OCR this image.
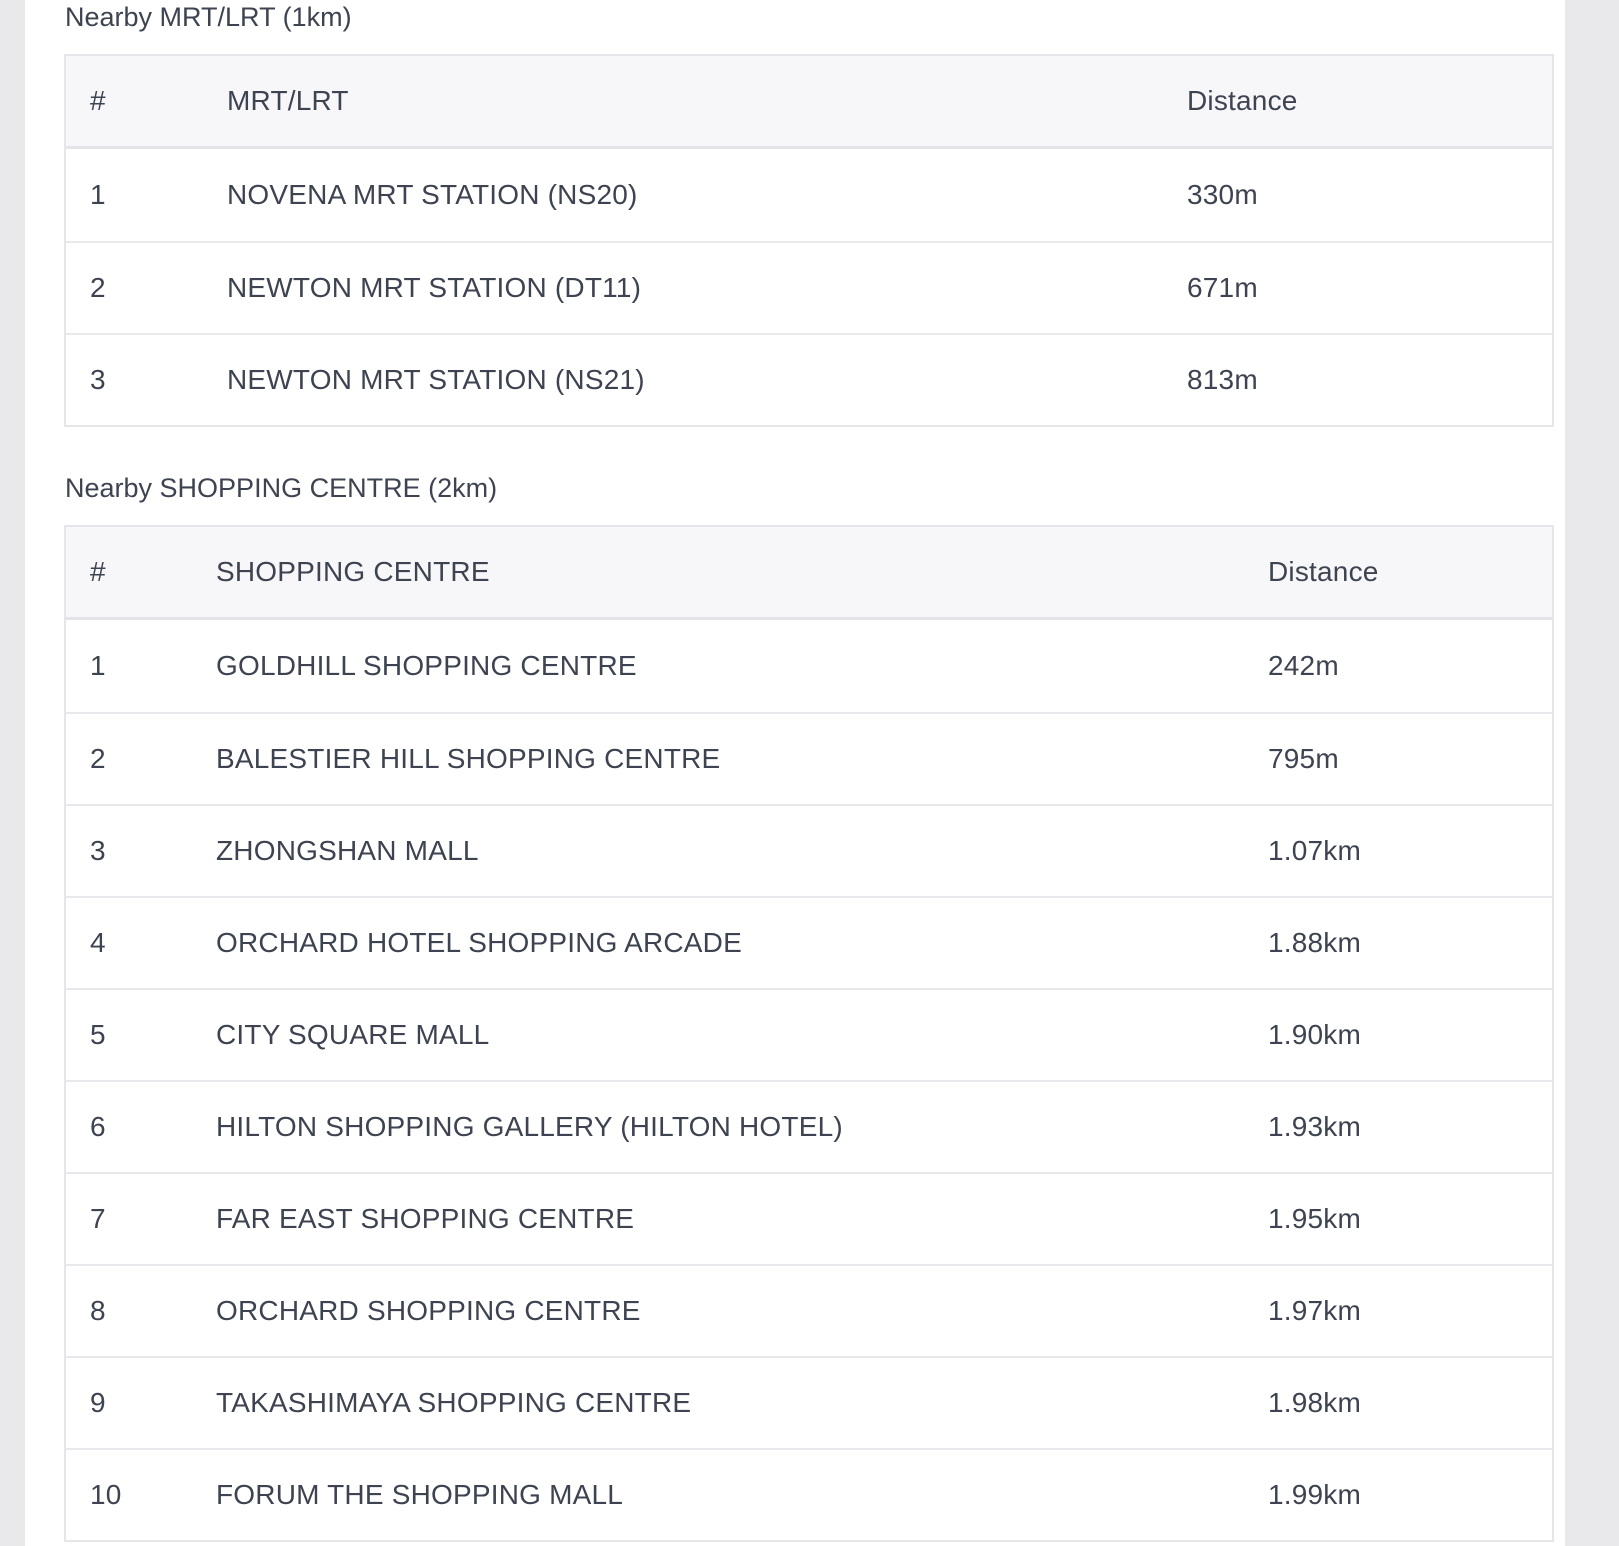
Nearby MRT/LRT (1km)
#	MRT/LRT	Distance
1	NOVENA MRT STATION (NS20)	330m
2	NEWTON MRT STATION (DT11)	671m
3	NEWTON MRT STATION (NS21)	813m
Nearby SHOPPING CENTRE (2km)
#	SHOPPING CENTRE	Distance
1	GOLDHILL SHOPPING CENTRE	242m
2	BALESTIER HILL SHOPPING CENTRE	795m
3	ZHONGSHAN MALL	1.07km
4	ORCHARD HOTEL SHOPPING ARCADE	1.88km
5	CITY SQUARE MALL	1.90km
6	HILTON SHOPPING GALLERY (HILTON HOTEL)	1.93km
7	FAR EAST SHOPPING CENTRE	1.95km
8	ORCHARD SHOPPING CENTRE	1.97km
9	TAKASHIMAYA SHOPPING CENTRE	1.98km
10	FORUM THE SHOPPING MALL	1.99km
